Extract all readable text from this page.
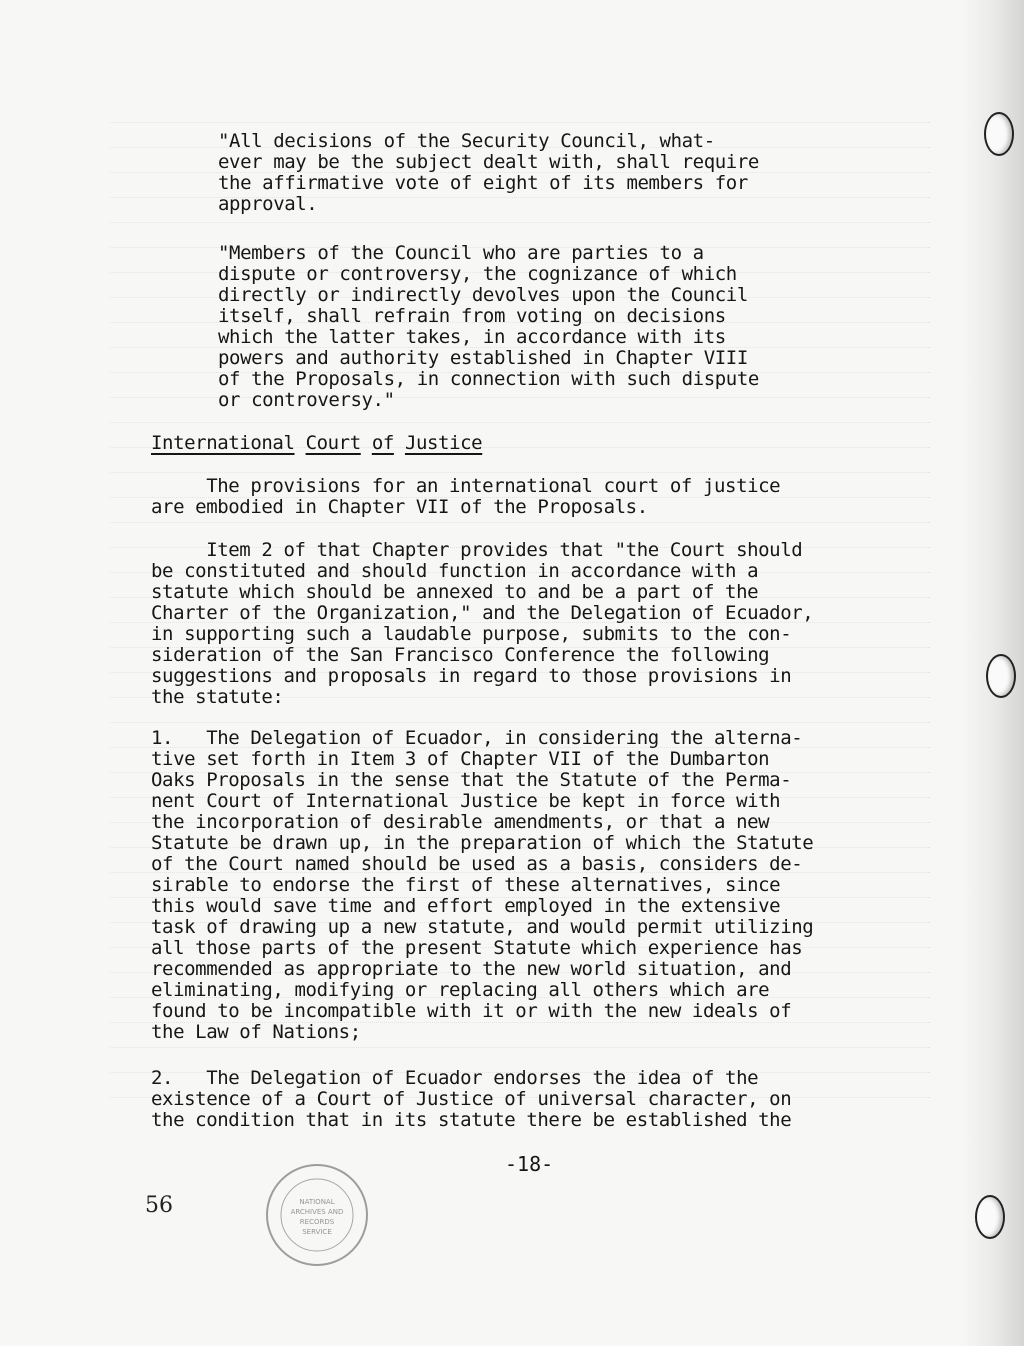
"All decisions of the Security Council, what-
ever may be the subject dealt with, shall require
the affirmative vote of eight of its members for
approval.
"Members of the Council who are parties to a
dispute or controversy, the cognizance of which
directly or indirectly devolves upon the Council
itself, shall refrain from voting on decisions
which the latter takes, in accordance with its
powers and authority established in Chapter VIII
of the Proposals, in connection with such dispute
or controversy."

International Court of Justice

The provisions for an international court of justice
are embodied in Chapter VII of the Proposals.
Item 2 of that Chapter provides that "the Court should
be constituted and should function in accordance with a
statute which should be annexed to and be a part of the
Charter of the Organization," and the Delegation of Ecuador,
in supporting such a laudable purpose, submits to the con-
sideration of the San Francisco Conference the following
suggestions and proposals in regard to those provisions in
the statute:
1.   The Delegation of Ecuador, in considering the alterna-
tive set forth in Item 3 of Chapter VII of the Dumbarton
Oaks Proposals in the sense that the Statute of the Perma-
nent Court of International Justice be kept in force with
the incorporation of desirable amendments, or that a new
Statute be drawn up, in the preparation of which the Statute
of the Court named should be used as a basis, considers de-
sirable to endorse the first of these alternatives, since
this would save time and effort employed in the extensive
task of drawing up a new statute, and would permit utilizing
all those parts of the present Statute which experience has
recommended as appropriate to the new world situation, and
eliminating, modifying or replacing all others which are
found to be incompatible with it or with the new ideals of
the Law of Nations;
2.   The Delegation of Ecuador endorses the idea of the
existence of a Court of Justice of universal character, on
the condition that in its statute there be established the

-18-

56	NATIONAL
ARCHIVES AND
RECORDS
SERVICE
